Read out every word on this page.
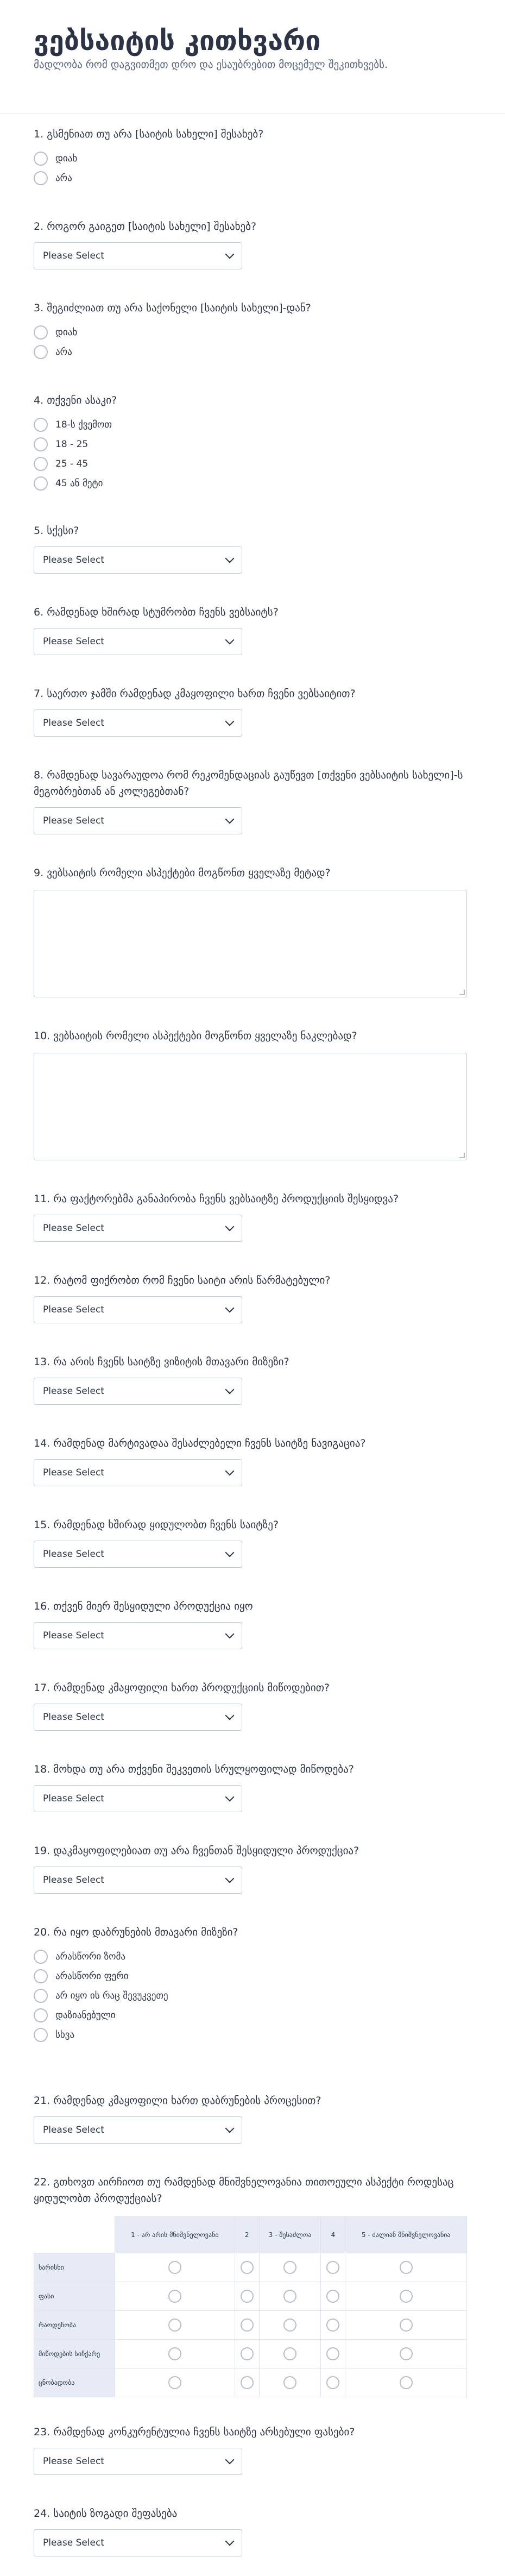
ვებსაიტის კითხვარი
მადლობა რომ დაგვითმეთ დრო და ესაუბრებით მოცემულ შეკითხვებს.
1. გსმენიათ თუ არა [საიტის სახელი] შესახებ?
დიახ
არა
2. როგორ გაიგეთ [საიტის სახელი] შესახებ?
Please Select
3. შეგიძლიათ თუ არა საქონელი [საიტის სახელი]-დან?
დიახ
არა
4. თქვენი ასაკი?
18-ს ქვემოთ
18 - 25
25 - 45
45 ან მეტი
5. სქესი?
Please Select
6. რამდენად ხშირად სტუმრობთ ჩვენს ვებსაიტს?
Please Select
7. საერთო ჯამში რამდენად კმაყოფილი ხართ ჩვენი ვებსაიტით?
Please Select
8. რამდენად სავარაუდოა რომ რეკომენდაციას გაუწევთ [თქვენი ვებსაიტის სახელი]-ს მეგობრებთან ან კოლეგებთან?
Please Select
9. ვებსაიტის რომელი ასპექტები მოგწონთ ყველაზე მეტად?
10. ვებსაიტის რომელი ასპექტები მოგწონთ ყველაზე ნაკლებად?
11. რა ფაქტორებმა განაპირობა ჩვენს ვებსაიტზე პროდუქციის შესყიდვა?
Please Select
12. რატომ ფიქრობთ რომ ჩვენი საიტი არის წარმატებული?
Please Select
13. რა არის ჩვენს საიტზე ვიზიტის მთავარი მიზეზი?
Please Select
14. რამდენად მარტივადაა შესაძლებელი ჩვენს საიტზე ნავიგაცია?
Please Select
15. რამდენად ხშირად ყიდულობთ ჩვენს საიტზე?
Please Select
16. თქვენ მიერ შესყიდული პროდუქცია იყო
Please Select
17. რამდენად კმაყოფილი ხართ პროდუქციის მიწოდებით?
Please Select
18. მოხდა თუ არა თქვენი შეკვეთის სრულყოფილად მიწოდება?
Please Select
19. დაკმაყოფილებიათ თუ არა ჩვენთან შესყიდული პროდუქცია?
Please Select
20. რა იყო დაბრუნების მთავარი მიზეზი?
არასწორი ზომა
არასწორი ფერი
არ იყო ის რაც შევუკვეთე
დაზიანებული
სხვა
21. რამდენად კმაყოფილი ხართ დაბრუნების პროცესით?
Please Select
22. გთხოვთ აირჩიოთ თუ რამდენად მნიშვნელოვანია თითოეული ასპექტი როდესაც ყიდულობთ პროდუქციას?
	1 - არ არის მნიშვნელოვანი	2	3 - შესაძლოა	4	5 - ძალიან მნიშვნელოვანია
ხარისხი	

ფასი	

რაოდენობა	

მიწოდების სიჩქარე	

ცნობადობა	

23. რამდენად კონკურენტულია ჩვენს საიტზე არსებული ფასები?
Please Select
24. საიტის ზოგადი შეფასება
Please Select
